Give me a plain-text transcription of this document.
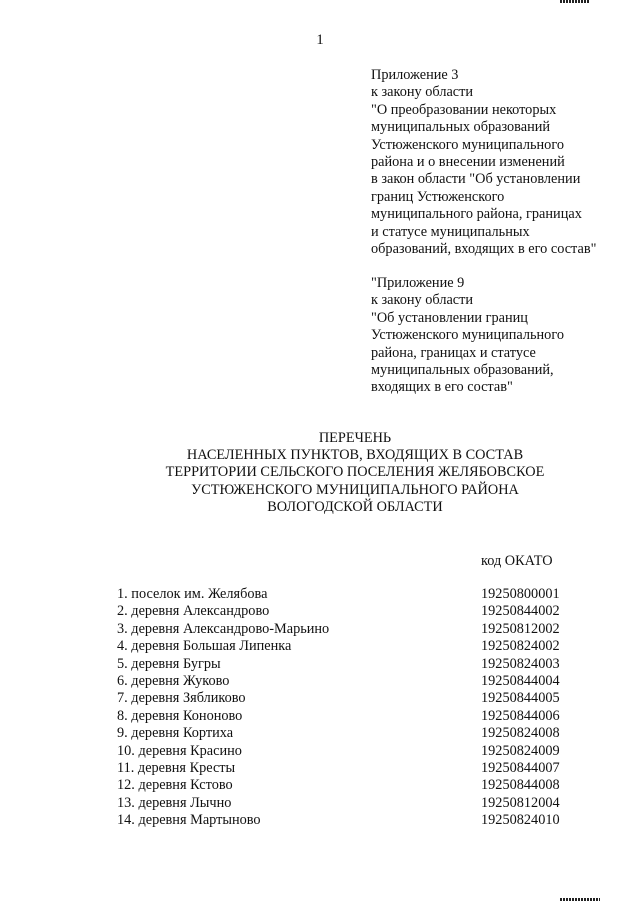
1
Приложение 3
к закону области
"О преобразовании некоторых
муниципальных образований
Устюженского муниципального
района и о внесении изменений
в закон области "Об установлении
границ Устюженского
муниципального района, границах
и статусе муниципальных
образований, входящих в его состав"
"Приложение 9
к закону области
"Об установлении границ
Устюженского муниципального
района, границах и статусе
муниципальных образований,
входящих в его состав"
ПЕРЕЧЕНЬ
НАСЕЛЕННЫХ ПУНКТОВ, ВХОДЯЩИХ В СОСТАВ
ТЕРРИТОРИИ СЕЛЬСКОГО ПОСЕЛЕНИЯ ЖЕЛЯБОВСКОЕ
УСТЮЖЕНСКОГО МУНИЦИПАЛЬНОГО РАЙОНА
ВОЛОГОДСКОЙ ОБЛАСТИ
код ОКАТО
1. поселок им. Желябова	19250800001
2. деревня Александрово	19250844002
3. деревня Александрово-Марьино	19250812002
4. деревня Большая Липенка	19250824002
5. деревня Бугры	19250824003
6. деревня Жуково	19250844004
7. деревня Зябликово	19250844005
8. деревня Кононово	19250844006
9. деревня Кортиха	19250824008
10. деревня Красино	19250824009
11. деревня Кресты	19250844007
12. деревня Кстово	19250844008
13. деревня Лычно	19250812004
14. деревня Мартыново	19250824010
